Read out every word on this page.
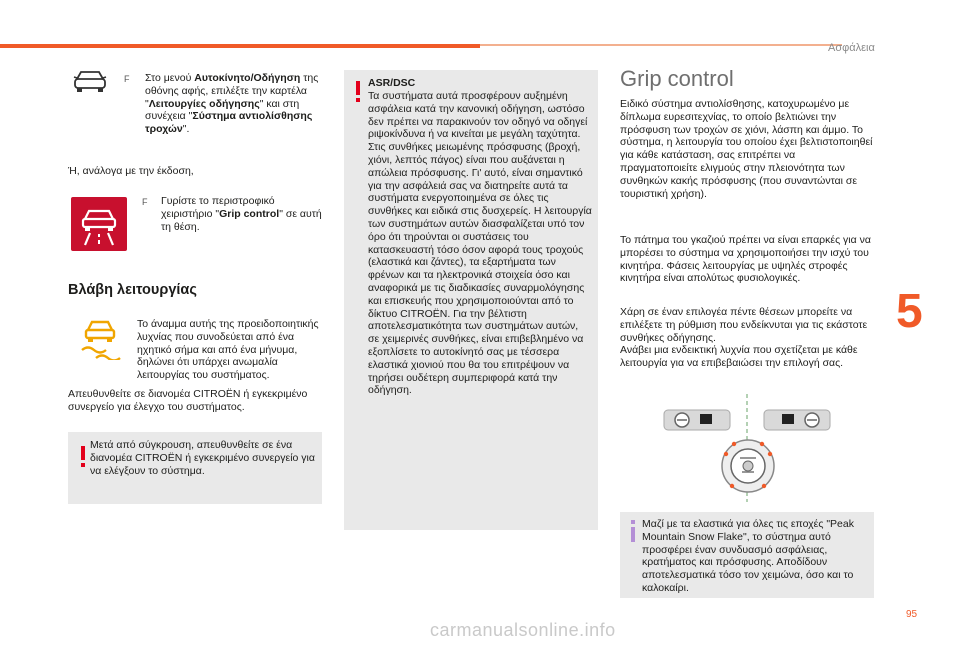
Ασφάλεια
5
95
F Στο μενού Αυτοκίνητο/Οδήγηση της οθόνης αφής, επιλέξτε την καρτέλα "Λειτουργίες οδήγησης" και στη συνέχεια "Σύστημα αντιολίσθησης τροχών".
Ή, ανάλογα με την έκδοση,
F Γυρίστε το περιστροφικό χειριστήριο "Grip control" σε αυτή τη θέση.
Βλάβη λειτουργίας
Το άναμμα αυτής της προειδοποιητικής λυχνίας που συνοδεύεται από ένα ηχητικό σήμα και από ένα μήνυμα, δηλώνει ότι υπάρχει ανωμαλία λειτουργίας του συστήματος.
Απευθυνθείτε σε διανομέα CITROËN ή εγκεκριμένο συνεργείο για έλεγχο του συστήματος.
Μετά από σύγκρουση, απευθυνθείτε σε ένα διανομέα CITROËN ή εγκεκριμένο συνεργείο για να ελέγξουν το σύστημα.
ASR/DSC
Τα συστήματα αυτά προσφέρουν αυξημένη ασφάλεια κατά την κανονική οδήγηση, ωστόσο δεν πρέπει να παρακινούν τον οδηγό να οδηγεί ριψοκίνδυνα ή να κινείται με μεγάλη ταχύτητα. Στις συνθήκες μειωμένης πρόσφυσης (βροχή, χιόνι, λεπτός πάγος) είναι που αυξάνεται η απώλεια πρόσφυσης. Γι' αυτό, είναι σημαντικό για την ασφάλειά σας να διατηρείτε αυτά τα συστήματα ενεργοποιημένα σε όλες τις συνθήκες και ειδικά στις δυσχερείς. Η λειτουργία των συστημάτων αυτών διασφαλίζεται υπό τον όρο ότι τηρούνται οι συστάσεις του κατασκευαστή τόσο όσον αφορά τους τροχούς (ελαστικά και ζάντες), τα εξαρτήματα των φρένων και τα ηλεκτρονικά στοιχεία όσο και αναφορικά με τις διαδικασίες συναρμολόγησης και επισκευής που χρησιμοποιούνται από το δίκτυο CITROËN. Για την βέλτιστη αποτελεσματικότητα των συστημάτων αυτών, σε χειμερινές συνθήκες, είναι επιβεβλημένο να εξοπλίσετε το αυτοκίνητό σας με τέσσερα ελαστικά χιονιού που θα του επιτρέψουν να τηρήσει ουδέτερη συμπεριφορά κατά την οδήγηση.
Grip control
Ειδικό σύστημα αντιολίσθησης, κατοχυρωμένο με δίπλωμα ευρεσιτεχνίας, το οποίο βελτιώνει την πρόσφυση των τροχών σε χιόνι, λάσπη και άμμο. Το σύστημα, η λειτουργία του οποίου έχει βελτιστοποιηθεί για κάθε κατάσταση, σας επιτρέπει να πραγματοποιείτε ελιγμούς στην πλειονότητα των συνθηκών κακής πρόσφυσης (που συναντώνται σε τουριστική χρήση).
Το πάτημα του γκαζιού πρέπει να είναι επαρκές για να μπορέσει το σύστημα να χρησιμοποιήσει την ισχύ του κινητήρα. Φάσεις λειτουργίας με υψηλές στροφές κινητήρα είναι απολύτως φυσιολογικές.
Χάρη σε έναν επιλογέα πέντε θέσεων μπορείτε να επιλέξετε τη ρύθμιση που ενδείκνυται για τις εκάστοτε συνθήκες οδήγησης.
Ανάβει μια ενδεικτική λυχνία που σχετίζεται με κάθε λειτουργία για να επιβεβαιώσει την επιλογή σας.
Μαζί με τα ελαστικά για όλες τις εποχές "Peak Mountain Snow Flake", το σύστημα αυτό προσφέρει έναν συνδυασμό ασφάλειας, κρατήματος και πρόσφυσης. Αποδίδουν αποτελεσματικά τόσο τον χειμώνα, όσο και το καλοκαίρι.
carmanualsonline.info
